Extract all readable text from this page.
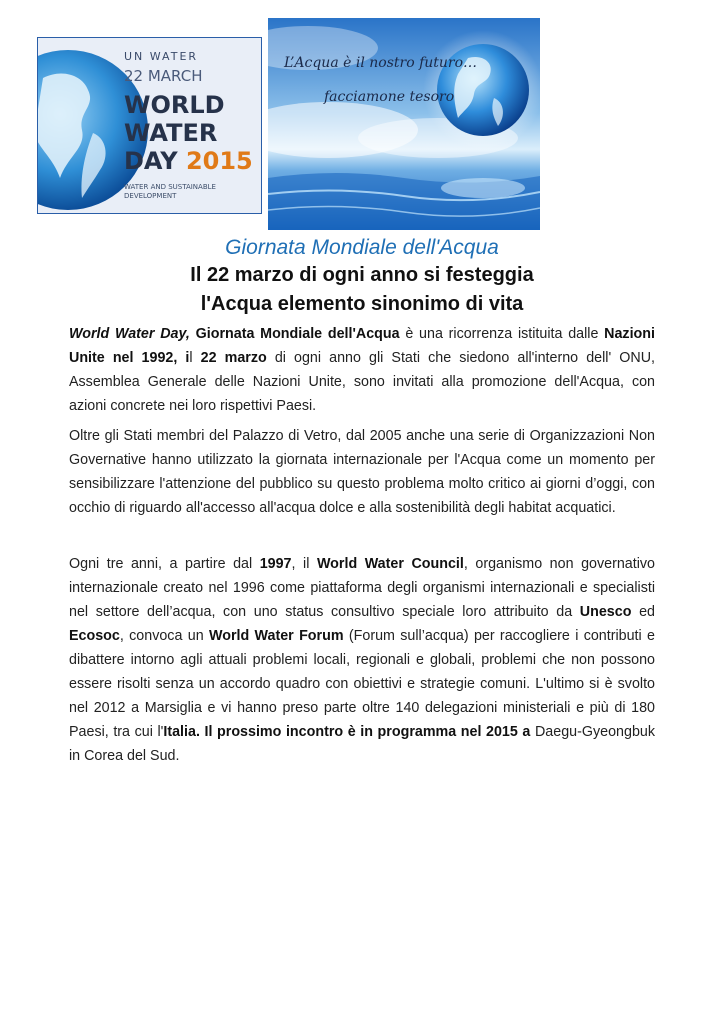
UN WATER
22 MARCH
WORLD
WATER
DAY 2015
WATER AND SUSTAINABLE
DEVELOPMENT
L’Acqua è il nostro futuro…
facciamone tesoro
Giornata Mondiale dell'Acqua
Il 22 marzo di ogni anno si festeggia
l'Acqua elemento sinonimo di vita
World Water Day, Giornata Mondiale dell'Acqua è una ricorrenza istituita dalle Nazioni Unite nel 1992, il 22 marzo di ogni anno gli Stati che siedono all'interno dell' ONU, Assemblea Generale delle Nazioni Unite, sono invitati alla promozione dell'Acqua, con azioni concrete nei loro rispettivi Paesi.
Oltre gli Stati membri del Palazzo di Vetro, dal 2005 anche una serie di Organizzazioni Non Governative hanno utilizzato la giornata internazionale per l'Acqua come un momento per sensibilizzare l'attenzione del pubblico su questo problema molto critico ai giorni d’oggi, con occhio di riguardo all'accesso all'acqua dolce e alla sostenibilità degli habitat acquatici.
Ogni tre anni, a partire dal 1997, il World Water Council, organismo non governativo internazionale creato nel 1996 come piattaforma degli organismi internazionali e specialisti nel settore dell’acqua, con uno status consultivo speciale loro attribuito da Unesco ed Ecosoc, convoca un World Water Forum (Forum sull’acqua) per raccogliere i contributi e dibattere intorno agli attuali problemi locali, regionali e globali, problemi che non possono essere risolti senza un accordo quadro con obiettivi e strategie comuni. L'ultimo si è svolto nel 2012 a Marsiglia e vi hanno preso parte oltre 140 delegazioni ministeriali e più di 180 Paesi, tra cui l'Italia. Il prossimo incontro è in programma nel 2015 a Daegu-Gyeongbuk in Corea del Sud.
